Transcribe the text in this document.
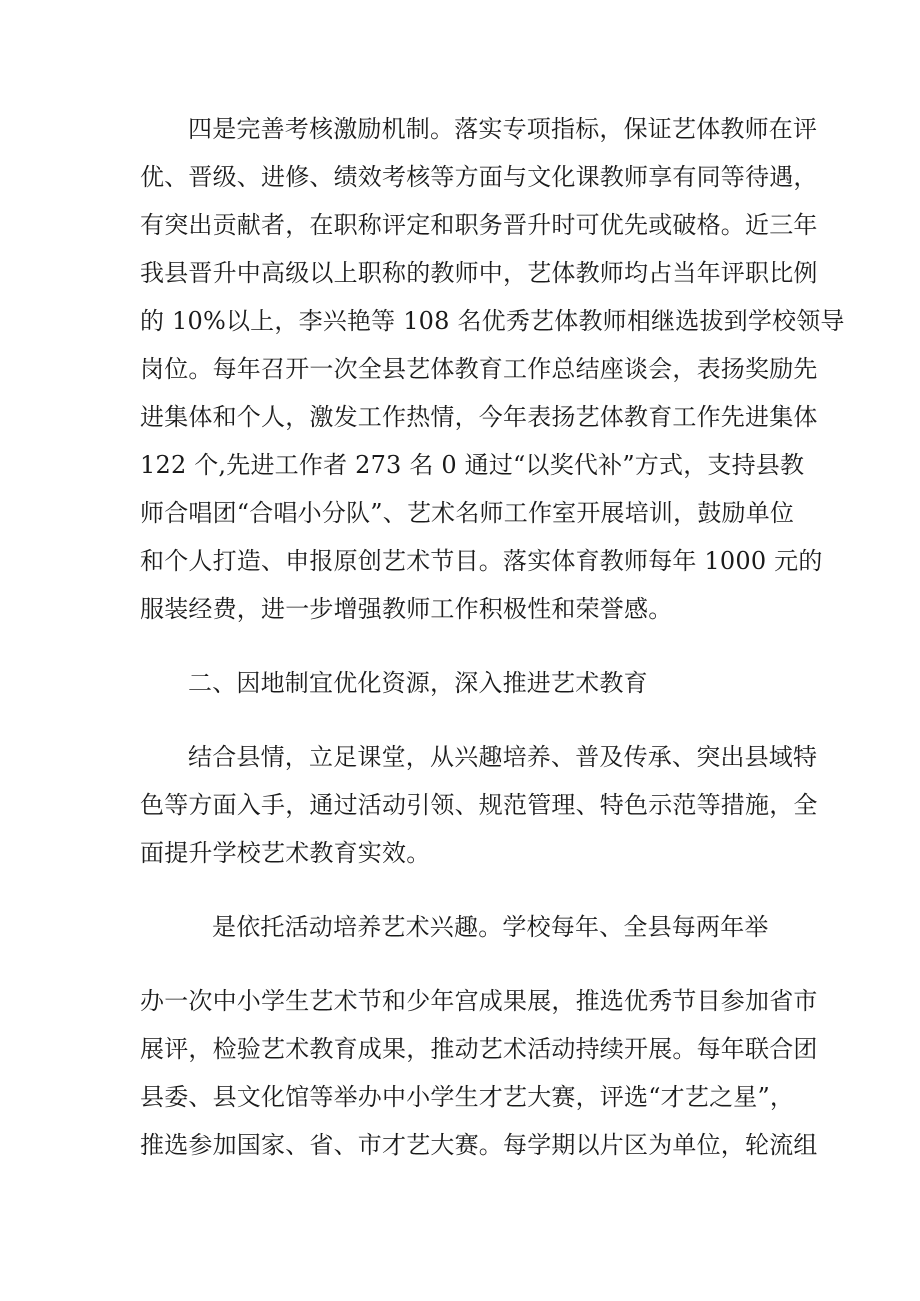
四是完善考核激励机制。落实专项指标，保证艺体教师在评
优、晋级、进修、绩效考核等方面与文化课教师享有同等待遇，
有突出贡献者，在职称评定和职务晋升时可优先或破格。近三年
我县晋升中高级以上职称的教师中，艺体教师均占当年评职比例
的 10%以上，李兴艳等 108 名优秀艺体教师相继选拔到学校领导
岗位。每年召开一次全县艺体教育工作总结座谈会，表扬奖励先
进集体和个人，激发工作热情，今年表扬艺体教育工作先进集体
122 个,先进工作者 273 名 0 通过“以奖代补”方式，支持县教
师合唱团“合唱小分队”、艺术名师工作室开展培训，鼓励单位
和个人打造、申报原创艺术节目。落实体育教师每年 1000 元的
服装经费，进一步增强教师工作积极性和荣誉感。
二、因地制宜优化资源，深入推进艺术教育
结合县情，立足课堂，从兴趣培养、普及传承、突出县域特
色等方面入手，通过活动引领、规范管理、特色示范等措施，全
面提升学校艺术教育实效。
是依托活动培养艺术兴趣。学校每年、全县每两年举
办一次中小学生艺术节和少年宫成果展，推选优秀节目参加省市
展评，检验艺术教育成果，推动艺术活动持续开展。每年联合团
县委、县文化馆等举办中小学生才艺大赛，评选“才艺之星”，
推选参加国家、省、市才艺大赛。每学期以片区为单位，轮流组
